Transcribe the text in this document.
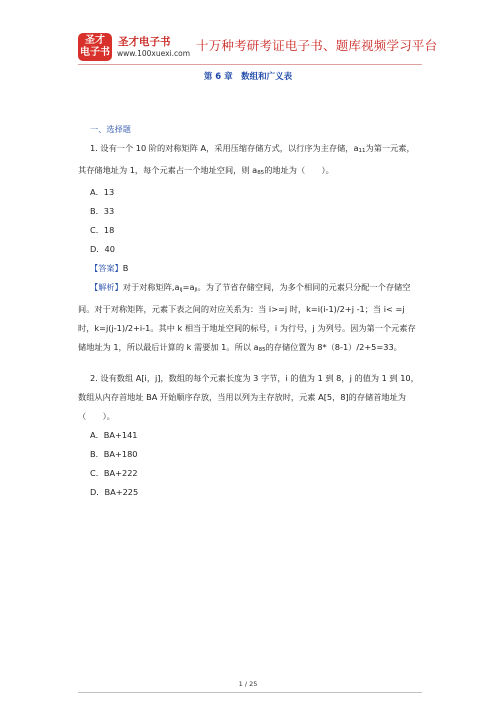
圣才
电子书
圣才电子书
www.100xuexi.com
十万种考研考证电子书、题库视频学习平台
第 6 章　数组和广义表

一、选择题

1. 设有一个 10 阶的对称矩阵 A，采用压缩存储方式，以行序为主存储，$a_{11}$为第一元素，其存储地址为 1，每个元素占一个地址空间，则 $a_{85}$的地址为（　　）。

A．13

B．33

C．18

D．40

【答案】B

【解析】对于对称矩阵$,a_{ij}=a_{ji}$。为了节省存储空间，为多个相同的元素只分配一个存储空间。对于对称矩阵，元素下表之间的对应关系为：当 i>=j 时，k=i(i-1)/2+j -1；当 i< =j 时，k=j(j-1)/2+i-1。其中 k 相当于地址空间的标号，i 为行号，j 为列号。因为第一个元素存储地址为 1，所以最后计算的 k 需要加 1。所以 $a_{85}$的存储位置为 8*（8-1）/2+5=33。

2. 设有数组 A[i，j]，数组的每个元素长度为 3 字节，i 的值为 1 到 8，j 的值为 1 到 10，数组从内存首地址 BA 开始顺序存放，当用以列为主存放时，元素 A[5，8]的存储首地址为（　　）。

A．BA+141

B．BA+180

C．BA+222

D．BA+225

1 / 25
